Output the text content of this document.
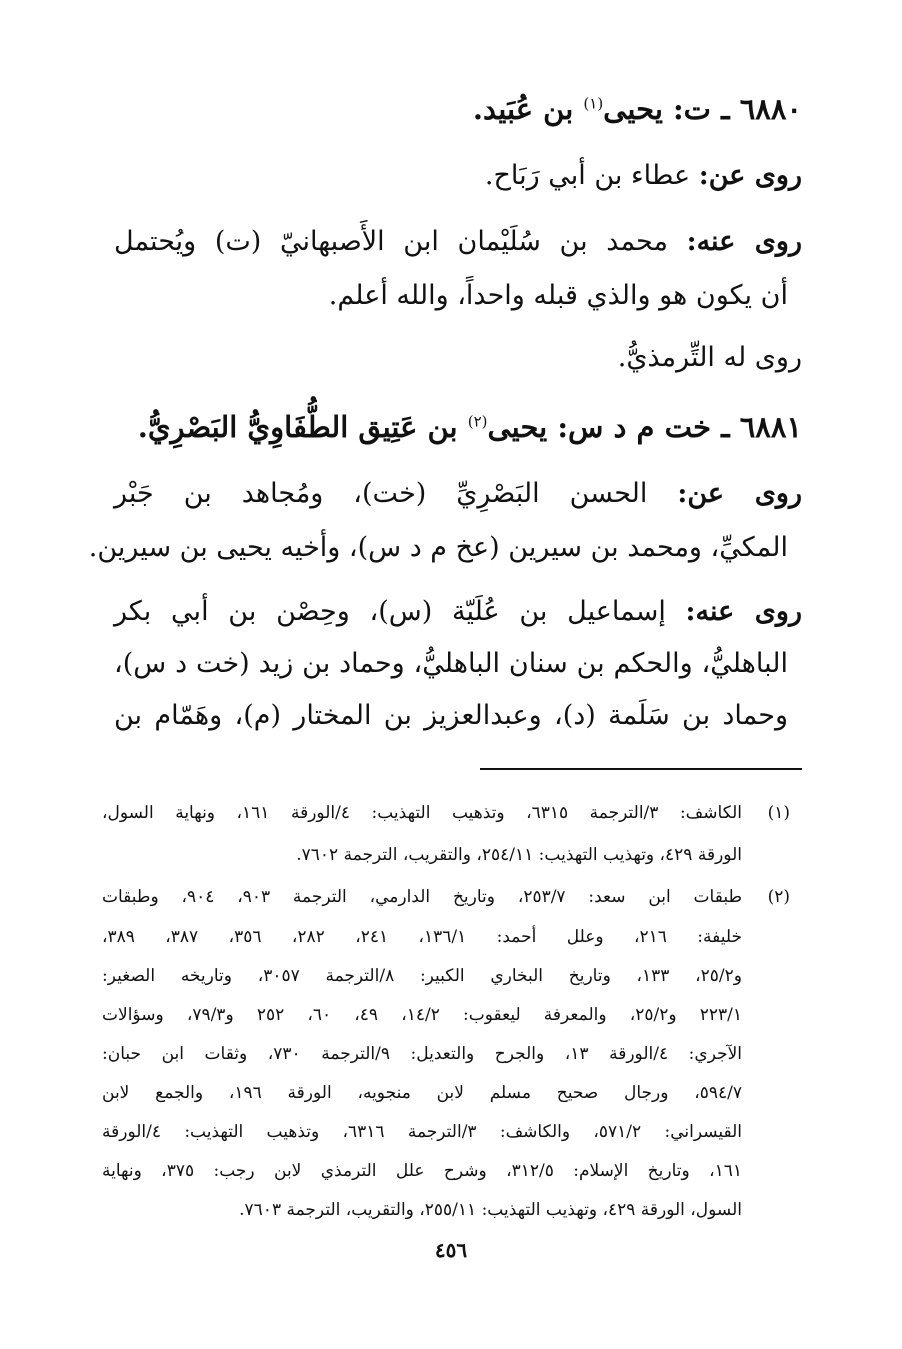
٦٨٨٠ ـ ت: يحيى$^{(١)}$ بن عُبَيد.
روى عن: عطاء بن أبي رَبَاح.
روى عنه: محمد بن سُلَيْمان ابن الأَصبهانيّ (ت) ويُحتمل
أن يكون هو والذي قبله واحداً، والله أعلم.
روى له التِّرمذيُّ.
٦٨٨١ ـ خت م د س: يحيى$^{(٢)}$ بن عَتِيق الطُّفَاوِيُّ البَصْرِيُّ.
روى عن: الحسن البَصْرِيِّ (خت)، ومُجاهد بن جَبْر
المكيِّ، ومحمد بن سيرين (عخ م د س)، وأخيه يحيى بن سيرين.
روى عنه: إسماعيل بن عُلَيّة (س)، وحِصْن بن أبي بكر
الباهليُّ، والحكم بن سنان الباهليُّ، وحماد بن زيد (خت د س)،
وحماد بن سَلَمة (د)، وعبدالعزيز بن المختار (م)، وهَمّام بن
(١)
الكاشف: ٣/الترجمة ٦٣١٥، وتذهيب التهذيب: ٤/الورقة ١٦١، ونهاية السول،
الورقة ٤٢٩، وتهذيب التهذيب: ٢٥٤/١١، والتقريب، الترجمة ٧٦٠٢.
(٢)
طبقات ابن سعد: ٢٥٣/٧، وتاريخ الدارمي، الترجمة ٩٠٣، ٩٠٤، وطبقات
خليفة: ٢١٦، وعلل أحمد: ١٣٦/١، ٢٤١، ٢٨٢، ٣٥٦، ٣٨٧، ٣٨٩،
و٢٥/٢، ١٣٣، وتاريخ البخاري الكبير: ٨/الترجمة ٣٠٥٧، وتاريخه الصغير:
٢٢٣/١ و٢٥/٢، والمعرفة ليعقوب: ١٤/٢، ٤٩، ٦٠، ٢٥٢ و٧٩/٣، وسؤالات
الآجري: ٤/الورقة ١٣، والجرح والتعديل: ٩/الترجمة ٧٣٠، وثقات ابن حبان:
٥٩٤/٧، ورجال صحيح مسلم لابن منجويه، الورقة ١٩٦، والجمع لابن
القيسراني: ٥٧١/٢، والكاشف: ٣/الترجمة ٦٣١٦، وتذهيب التهذيب: ٤/الورقة
١٦١، وتاريخ الإسلام: ٣١٢/٥، وشرح علل الترمذي لابن رجب: ٣٧٥، ونهاية
السول، الورقة ٤٢٩، وتهذيب التهذيب: ٢٥٥/١١، والتقريب، الترجمة ٧٦٠٣.
٤٥٦
